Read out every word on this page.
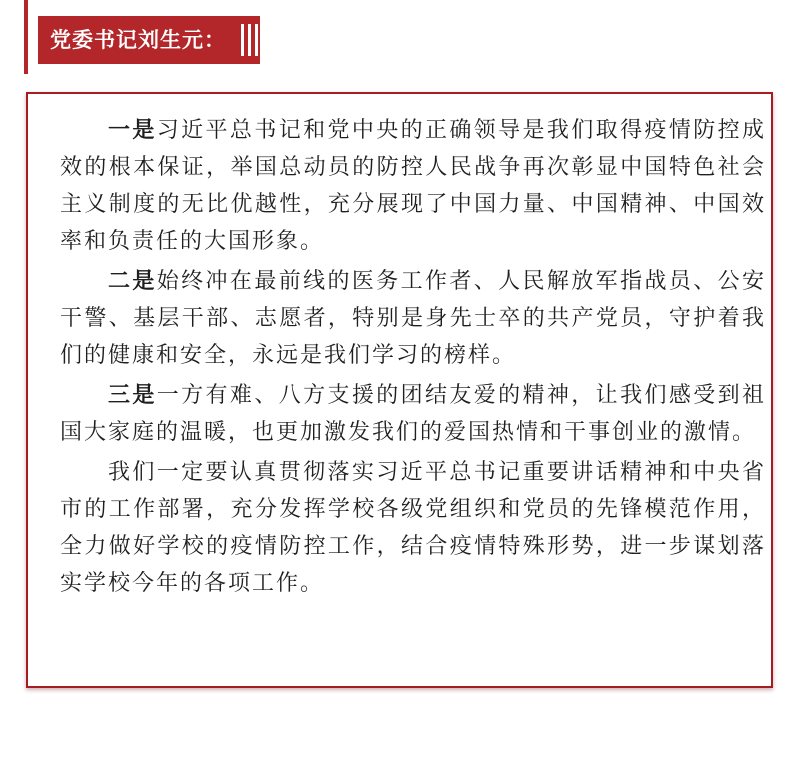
党委书记刘生元：

一是习近平总书记和党中央的正确领导是我们取得疫情防控成效的根本保证，举国总动员的防控人民战争再次彰显中国特色社会主义制度的无比优越性，充分展现了中国力量、中国精神、中国效率和负责任的大国形象。

二是始终冲在最前线的医务工作者、人民解放军指战员、公安干警、基层干部、志愿者，特别是身先士卒的共产党员，守护着我们的健康和安全，永远是我们学习的榜样。

三是一方有难、八方支援的团结友爱的精神，让我们感受到祖国大家庭的温暖，也更加激发我们的爱国热情和干事创业的激情。

我们一定要认真贯彻落实习近平总书记重要讲话精神和中央省市的工作部署，充分发挥学校各级党组织和党员的先锋模范作用，全力做好学校的疫情防控工作，结合疫情特殊形势，进一步谋划落实学校今年的各项工作。
